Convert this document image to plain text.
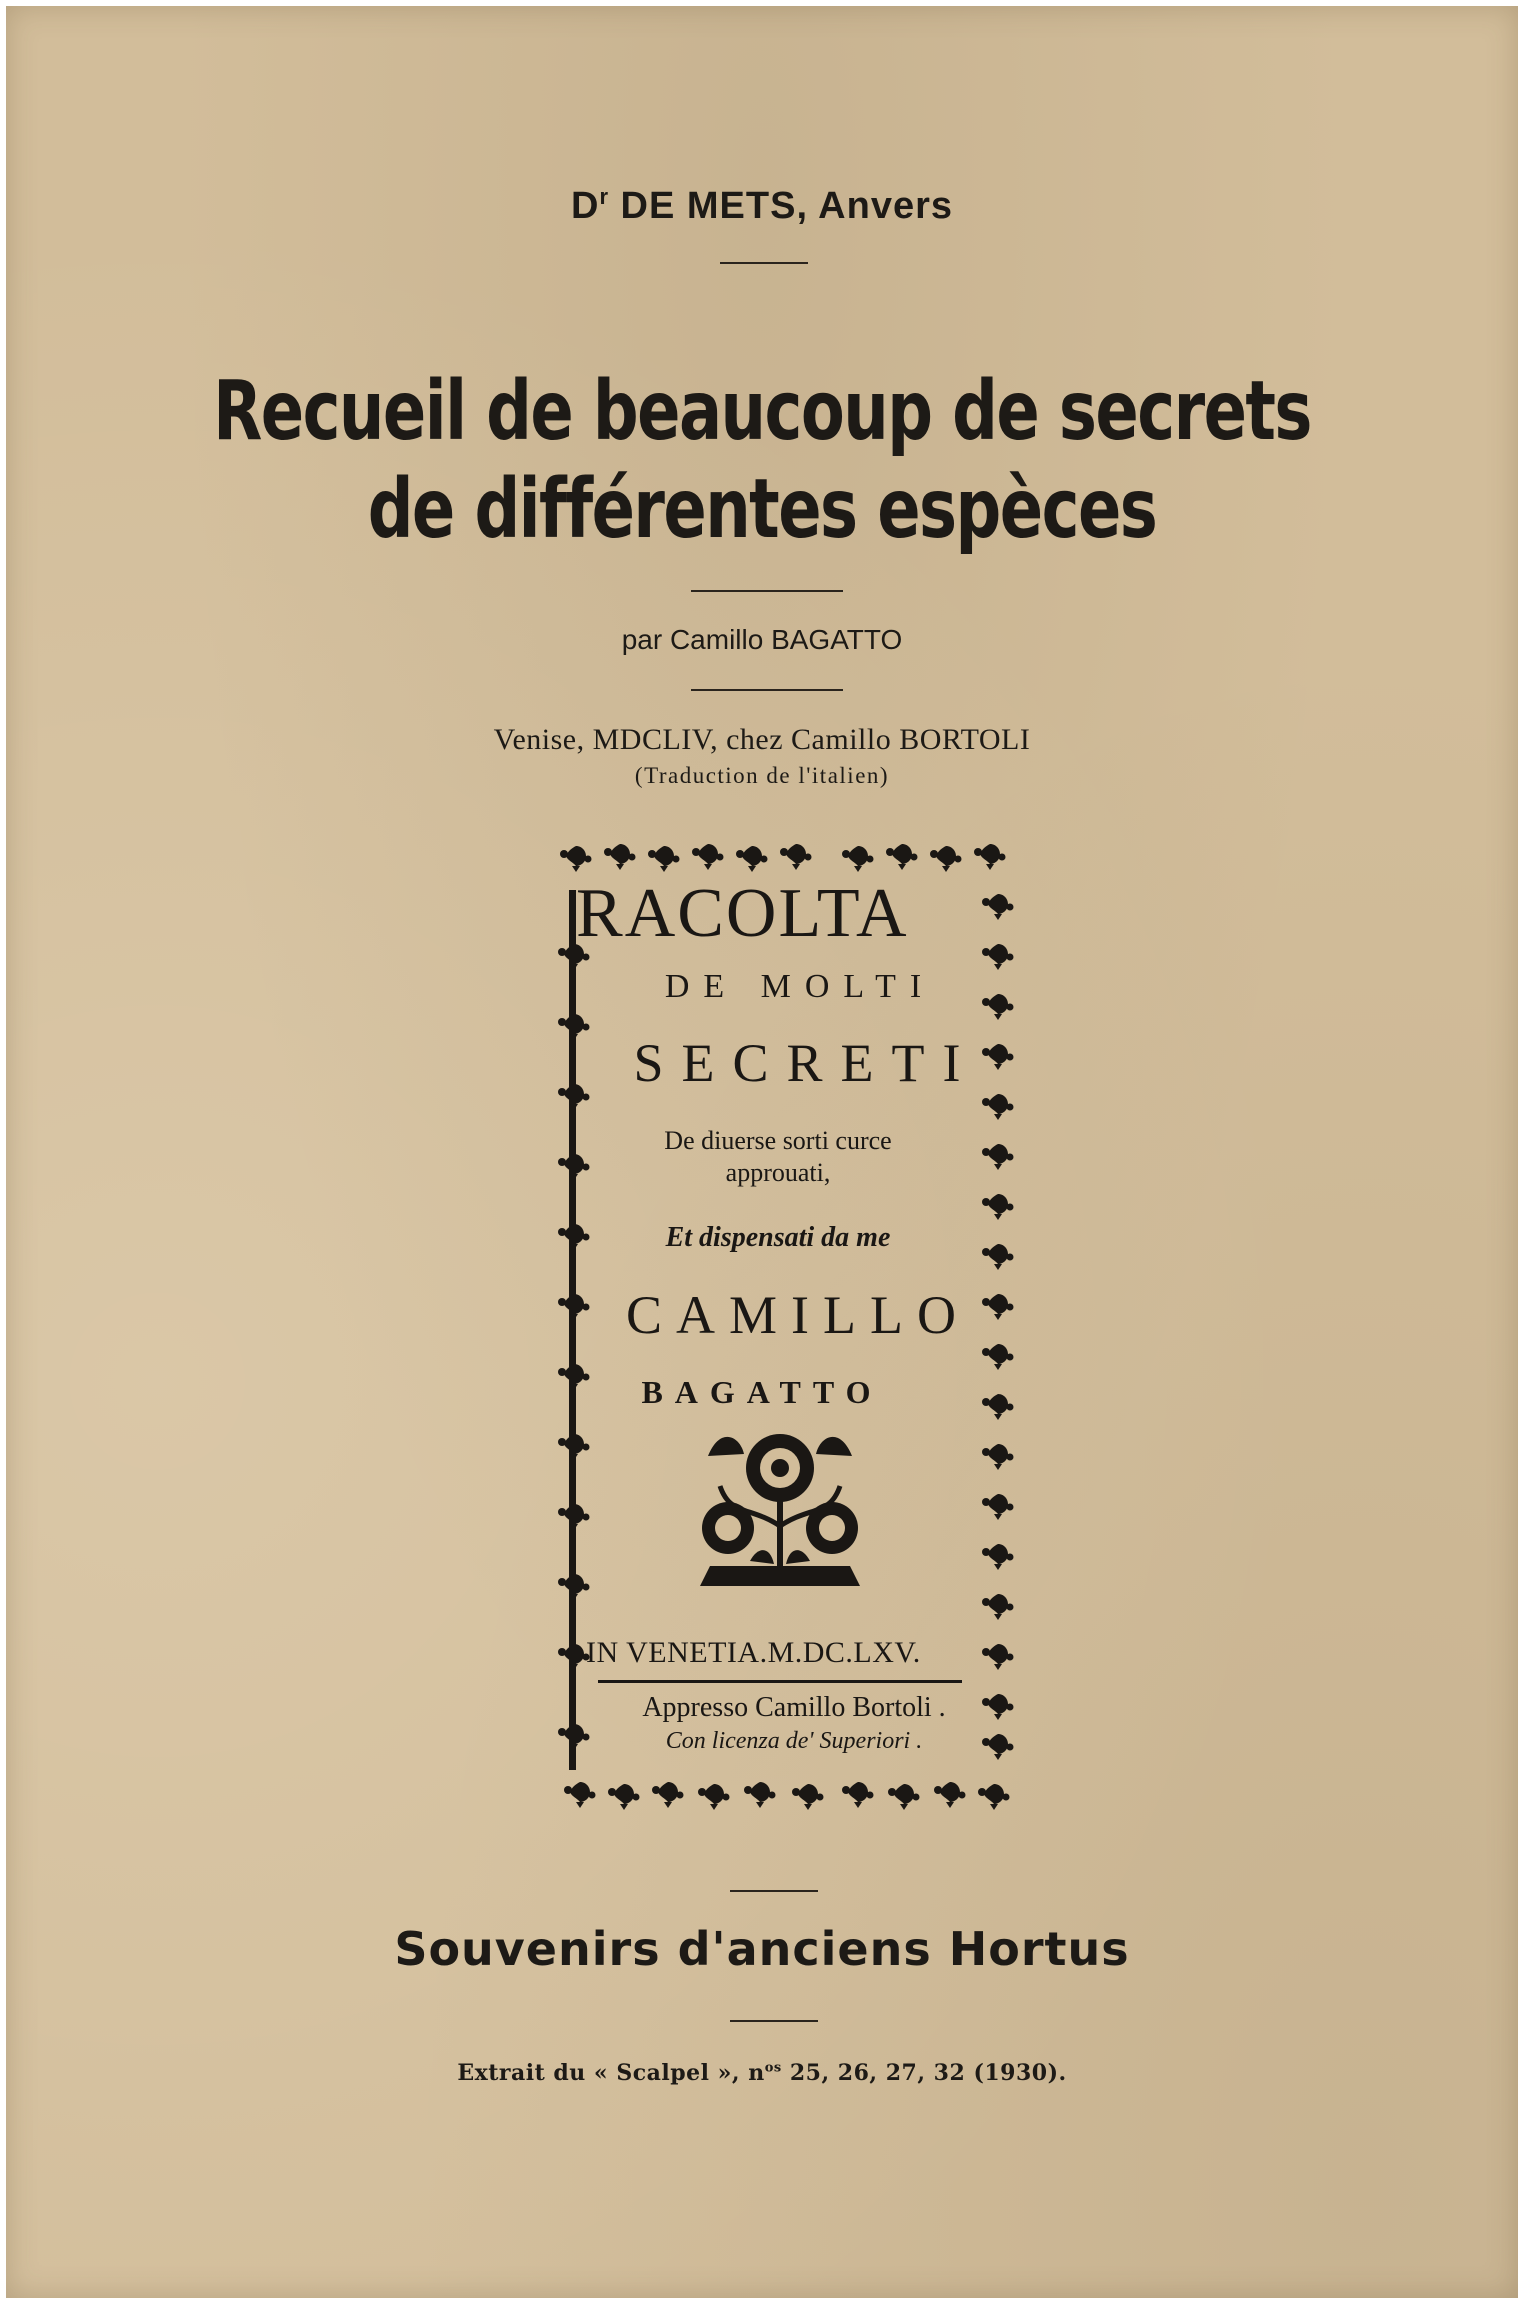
$D^r$ DE METS, Anvers
Recueil de beaucoup de secrets
de différentes espèces
par Camillo BAGATTO
Venise, MDCLIV, chez Camillo BORTOLI
(Traduction de l'italien)
RACOLTA
DE MOLTI
SECRETI
De diuerse sorti curce
approuati,
Et dispensati da me
CAMILLO
BAGATTO
IN VENETIA.M.DC.LXV.
Appresso Camillo Bortoli .
Con licenza de' Superiori .
Souvenirs d'anciens Hortus
Extrait du « Scalpel », $n^{os}$ 25, 26, 27, 32 (1930).
